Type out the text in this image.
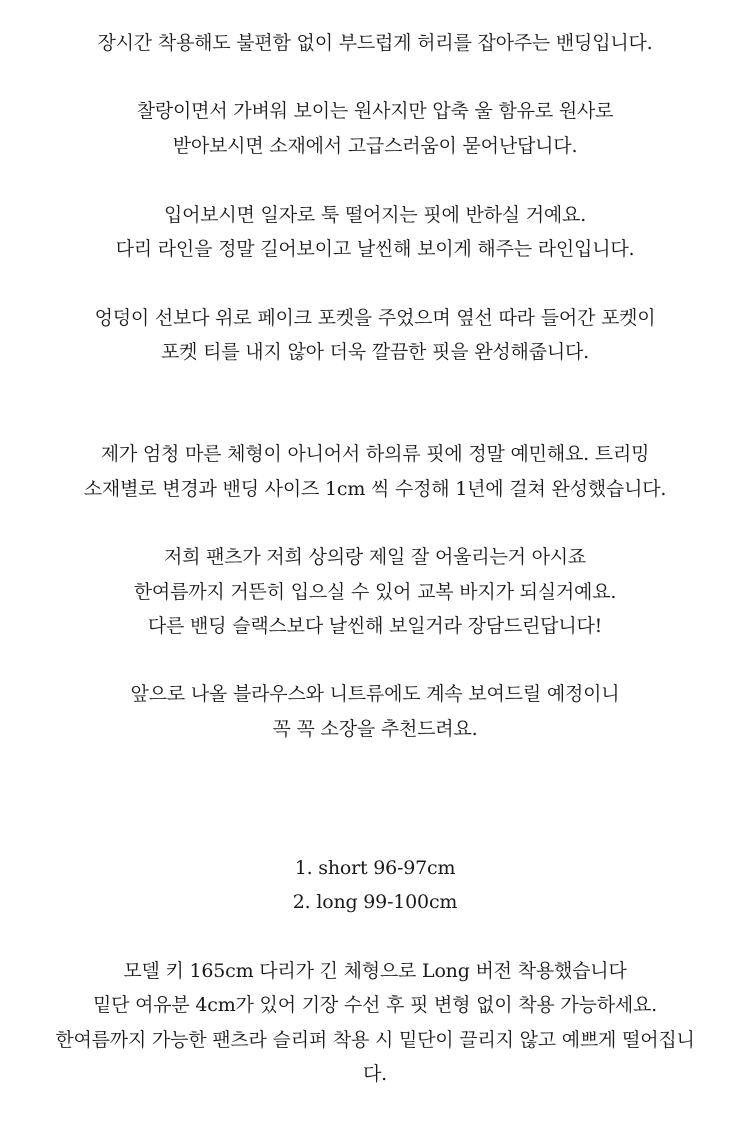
장시간 착용해도 불편함 없이 부드럽게 허리를 잡아주는 밴딩입니다.
찰랑이면서 가벼워 보이는 원사지만 압축 울 함유로 원사로
받아보시면 소재에서 고급스러움이 묻어난답니다.
입어보시면 일자로 툭 떨어지는 핏에 반하실 거예요.
다리 라인을 정말 길어보이고 날씬해 보이게 해주는 라인입니다.
엉덩이 선보다 위로 페이크 포켓을 주었으며 옆선 따라 들어간 포켓이
포켓 티를 내지 않아 더욱 깔끔한 핏을 완성해줍니다.
제가 엄청 마른 체형이 아니어서 하의류 핏에 정말 예민해요. 트리밍
소재별로 변경과 밴딩 사이즈 1cm 씩 수정해 1년에 걸쳐 완성했습니다.
저희 팬츠가 저희 상의랑 제일 잘 어울리는거 아시죠
한여름까지 거뜬히 입으실 수 있어 교복 바지가 되실거예요.
다른 밴딩 슬랙스보다 날씬해 보일거라 장담드린답니다!
앞으로 나올 블라우스와 니트류에도 계속 보여드릴 예정이니
꼭 꼭 소장을 추천드려요.
1. short 96-97cm
2. long 99-100cm
모델 키 165cm 다리가 긴 체형으로 Long 버전 착용했습니다
밑단 여유분 4cm가 있어 기장 수선 후 핏 변형 없이 착용 가능하세요.
한여름까지 가능한 팬츠라 슬리퍼 착용 시 밑단이 끌리지 않고 예쁘게 떨어집니
다.
